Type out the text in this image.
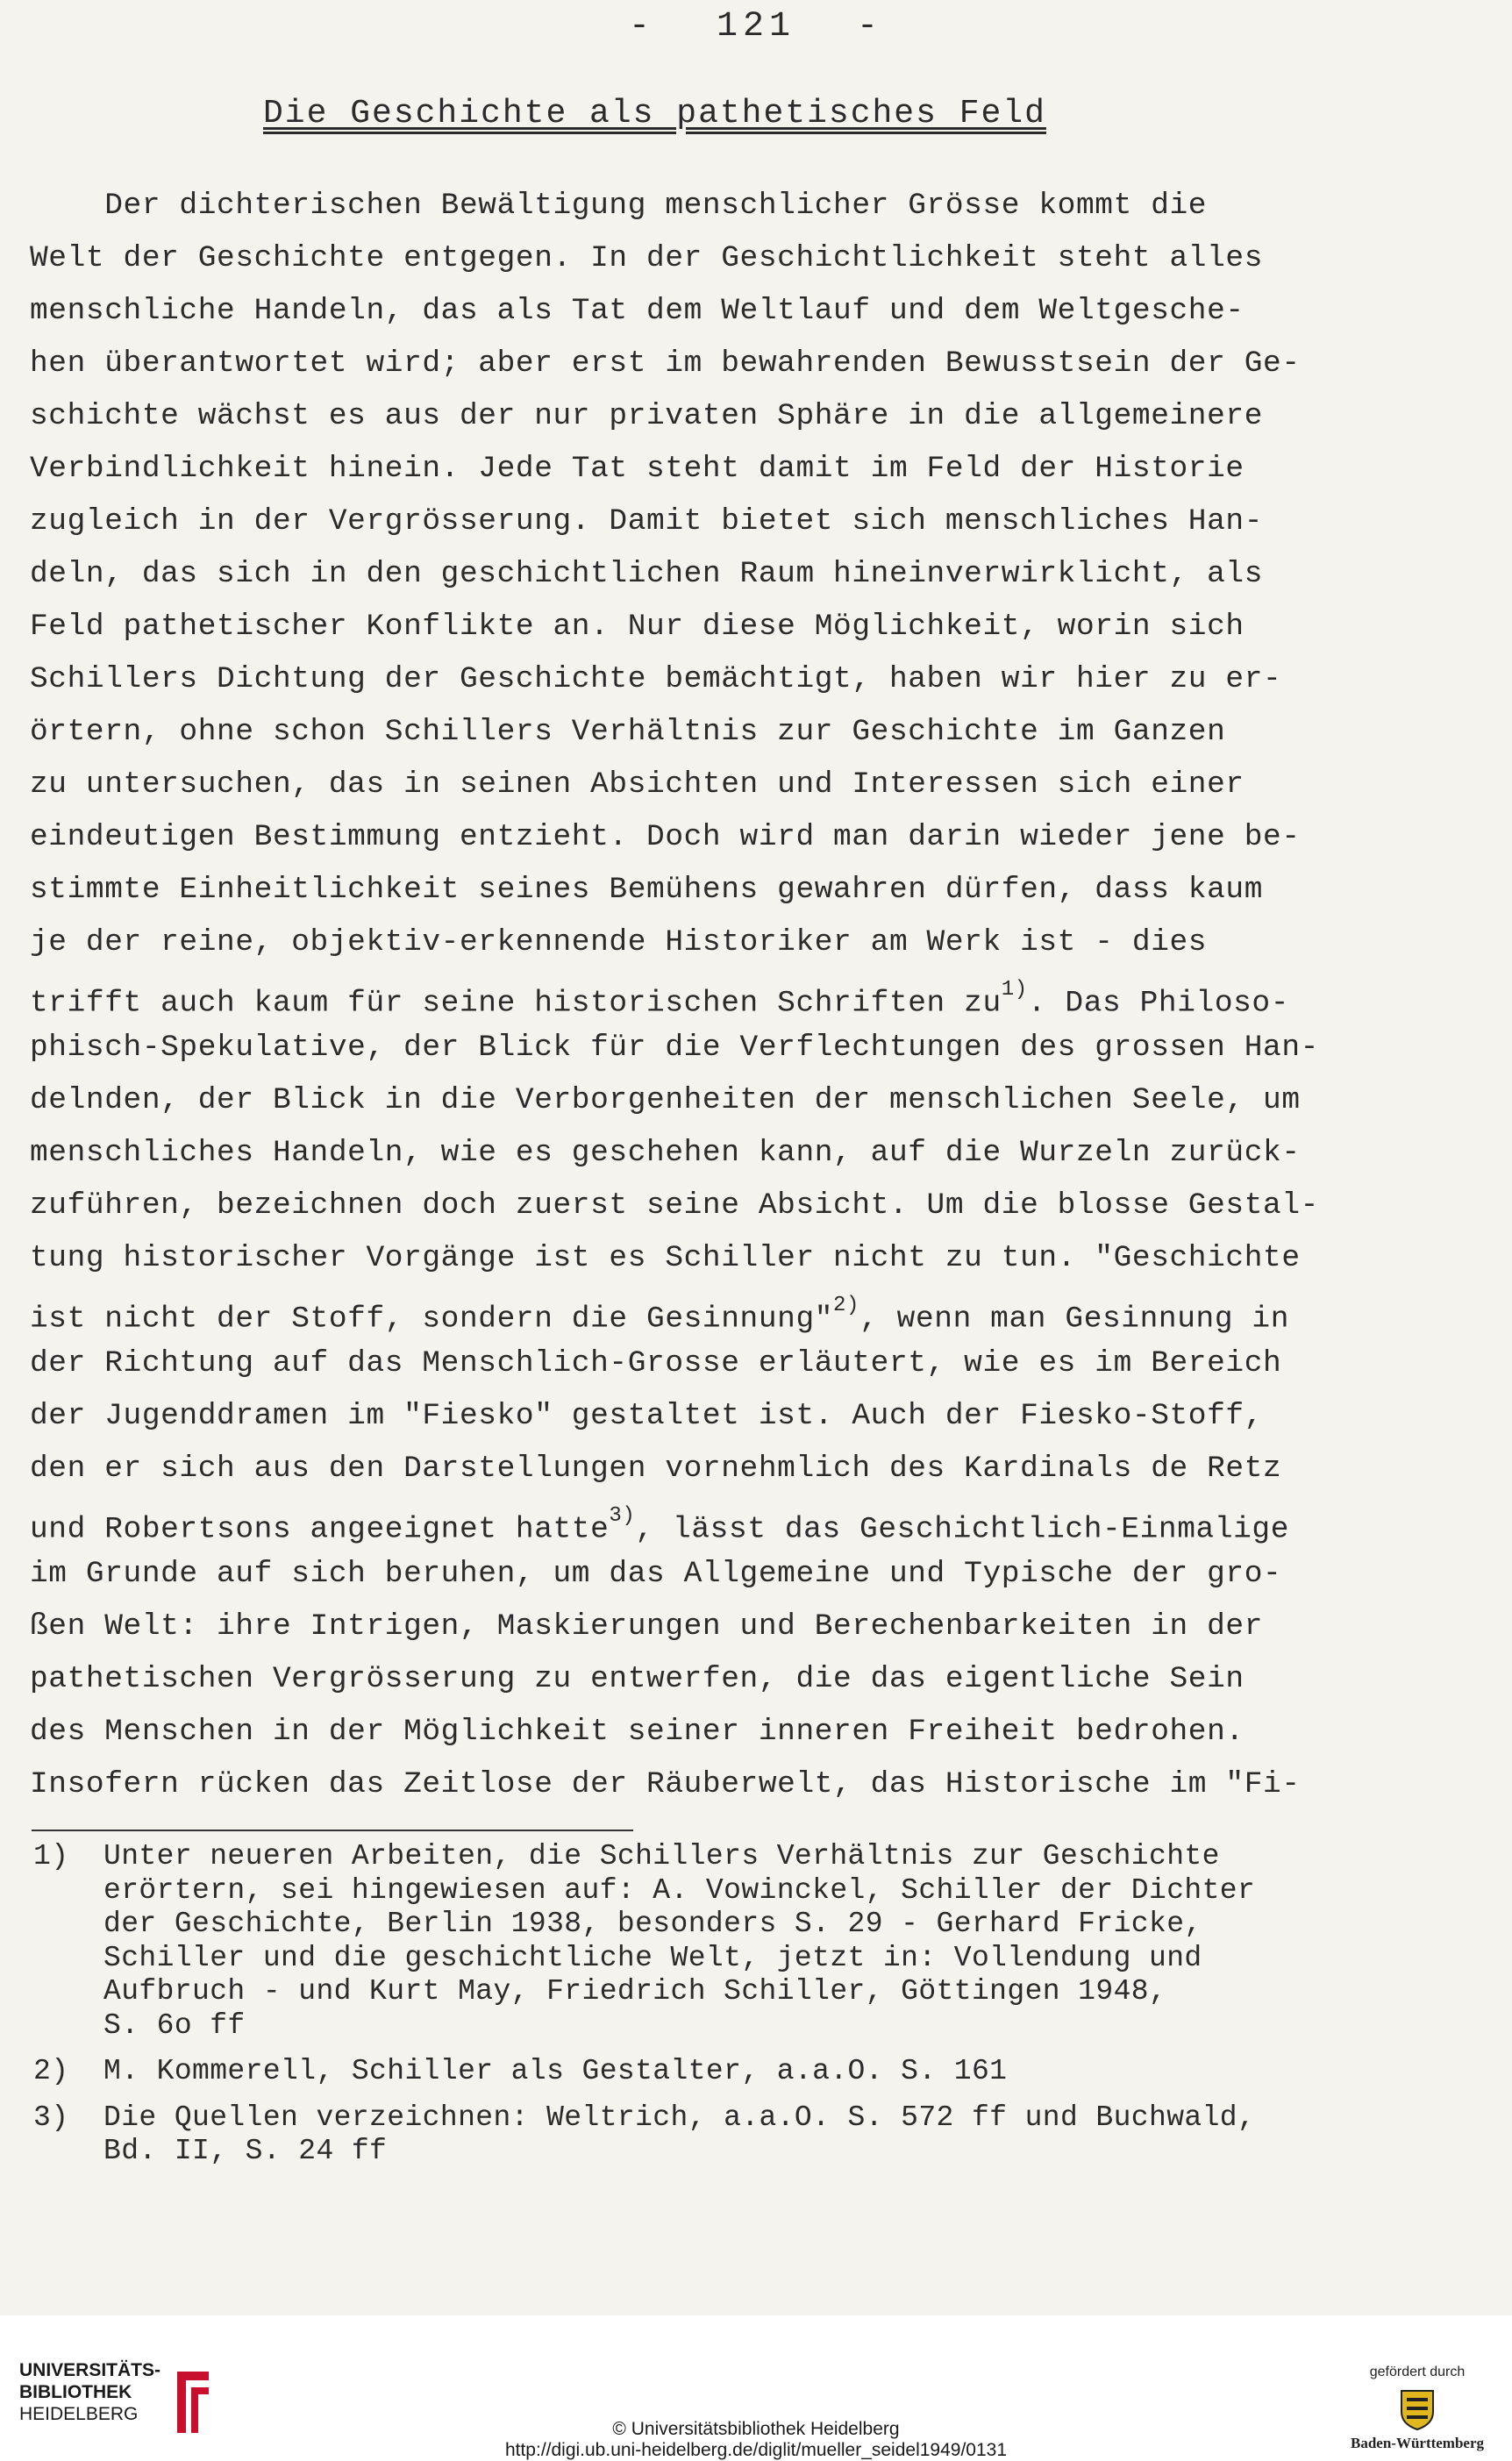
- 121 -
Die Geschichte als pathetisches Feld
Der dichterischen Bewältigung menschlicher Grösse kommt die
Welt der Geschichte entgegen. In der Geschichtlichkeit steht alles
menschliche Handeln, das als Tat dem Weltlauf und dem Weltgesche-
hen überantwortet wird; aber erst im bewahrenden Bewusstsein der Ge-
schichte wächst es aus der nur privaten Sphäre in die allgemeinere
Verbindlichkeit hinein. Jede Tat steht damit im Feld der Historie
zugleich in der Vergrösserung. Damit bietet sich menschliches Han-
deln, das sich in den geschichtlichen Raum hineinverwirklicht, als
Feld pathetischer Konflikte an. Nur diese Möglichkeit, worin sich
Schillers Dichtung der Geschichte bemächtigt, haben wir hier zu er-
örtern, ohne schon Schillers Verhältnis zur Geschichte im Ganzen
zu untersuchen, das in seinen Absichten und Interessen sich einer
eindeutigen Bestimmung entzieht. Doch wird man darin wieder jene be-
stimmte Einheitlichkeit seines Bemühens gewahren dürfen, dass kaum
je der reine, objektiv-erkennende Historiker am Werk ist - dies
trifft auch kaum für seine historischen Schriften zu$^{1)}$. Das Philoso-
phisch-Spekulative, der Blick für die Verflechtungen des grossen Han-
delnden, der Blick in die Verborgenheiten der menschlichen Seele, um
menschliches Handeln, wie es geschehen kann, auf die Wurzeln zurück-
zuführen, bezeichnen doch zuerst seine Absicht. Um die blosse Gestal-
tung historischer Vorgänge ist es Schiller nicht zu tun. "Geschichte
ist nicht der Stoff, sondern die Gesinnung"$^{2)}$, wenn man Gesinnung in
der Richtung auf das Menschlich-Grosse erläutert, wie es im Bereich
der Jugenddramen im "Fiesko" gestaltet ist. Auch der Fiesko-Stoff,
den er sich aus den Darstellungen vornehmlich des Kardinals de Retz
und Robertsons angeeignet hatte$^{3)}$, lässt das Geschichtlich-Einmalige
im Grunde auf sich beruhen, um das Allgemeine und Typische der gro-
ßen Welt: ihre Intrigen, Maskierungen und Berechenbarkeiten in der
pathetischen Vergrösserung zu entwerfen, die das eigentliche Sein
des Menschen in der Möglichkeit seiner inneren Freiheit bedrohen.
Insofern rücken das Zeitlose der Räuberwelt, das Historische im "Fi-
1) Unter neueren Arbeiten, die Schillers Verhältnis zur Geschichte
erörtern, sei hingewiesen auf: A. Vowinckel, Schiller der Dichter
der Geschichte, Berlin 1938, besonders S. 29 - Gerhard Fricke,
Schiller und die geschichtliche Welt, jetzt in: Vollendung und
Aufbruch - und Kurt May, Friedrich Schiller, Göttingen 1948,
S. 6o ff
2) M. Kommerell, Schiller als Gestalter, a.a.O. S. 161
3) Die Quellen verzeichnen: Weltrich, a.a.O. S. 572 ff und Buchwald,
Bd. II, S. 24 ff
UNIVERSITÄTS-
BIBLIOTHEK
HEIDELBERG
© Universitätsbibliothek Heidelberg
http://digi.ub.uni-heidelberg.de/diglit/mueller_seidel1949/0131
gefördert durch
Baden-Württemberg
